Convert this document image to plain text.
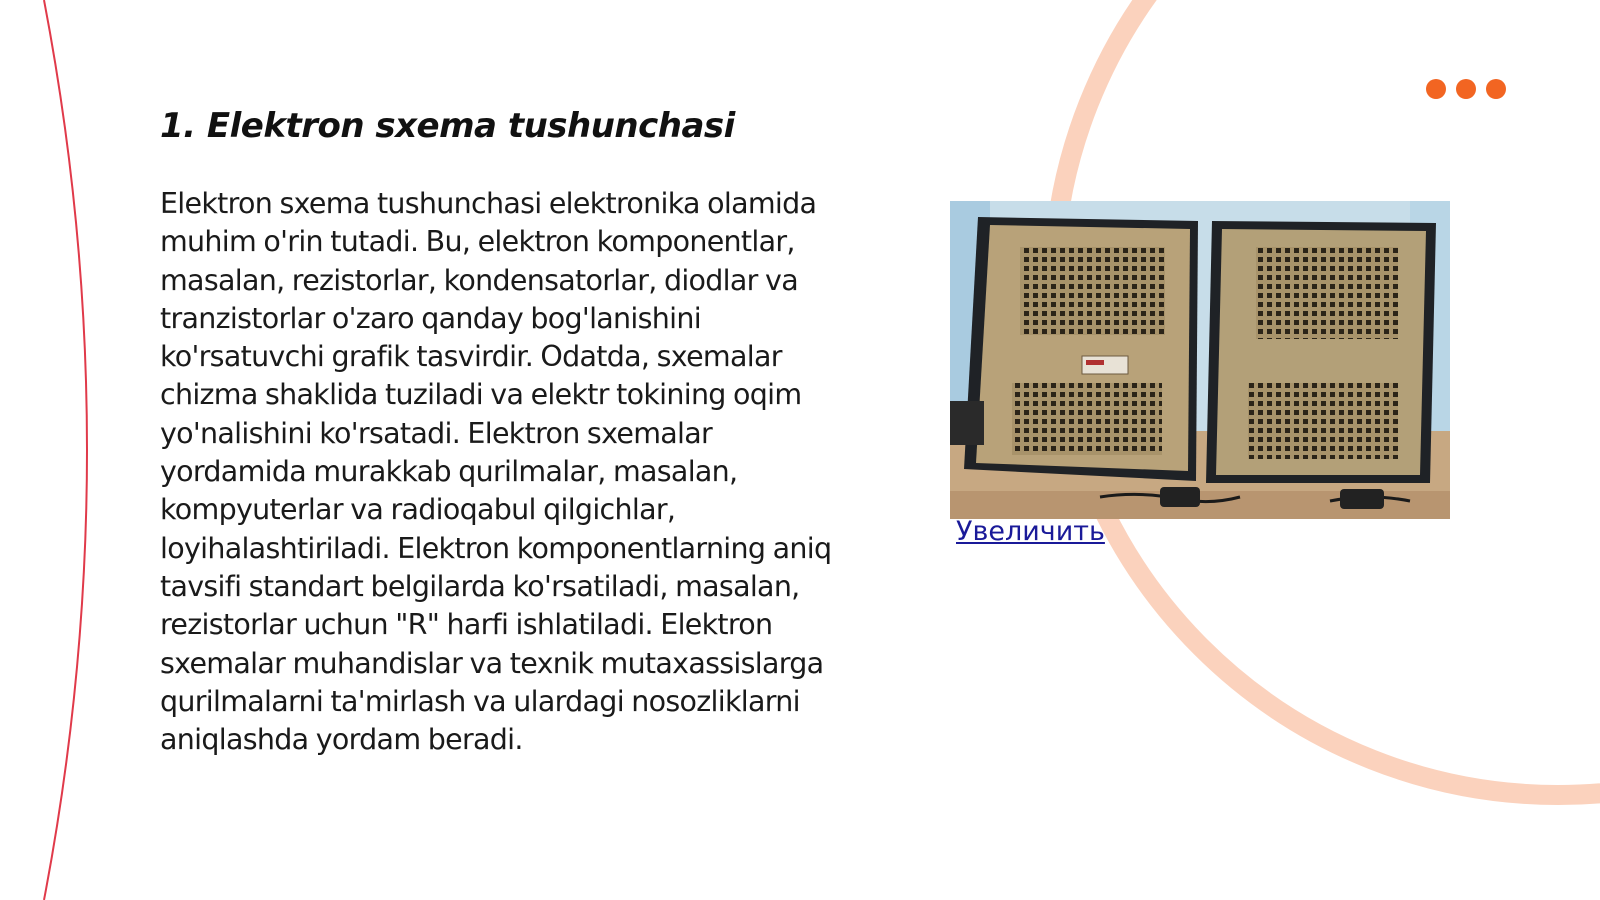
1. Elektron sxema tushunchasi

Elektron sxema tushunchasi elektronika olamida muhim o'rin tutadi. Bu, elektron komponentlar, masalan, rezistorlar, kondensatorlar, diodlar va tranzistorlar o'zaro qanday bog'lanishini ko'rsatuvchi grafik tasvirdir. Odatda, sxemalar chizma shaklida tuziladi va elektr tokining oqim yo'nalishini ko'rsatadi. Elektron sxemalar yordamida murakkab qurilmalar, masalan, kompyuterlar va radioqabul qilgichlar, loyihalashtiriladi. Elektron komponentlarning aniq tavsifi standart belgilarda ko'rsatiladi, masalan, rezistorlar uchun "R" harfi ishlatiladi. Elektron sxemalar muhandislar va texnik mutaxassislarga qurilmalarni ta'mirlash va ulardagi nosozliklarni aniqlashda yordam beradi.

Увеличить
